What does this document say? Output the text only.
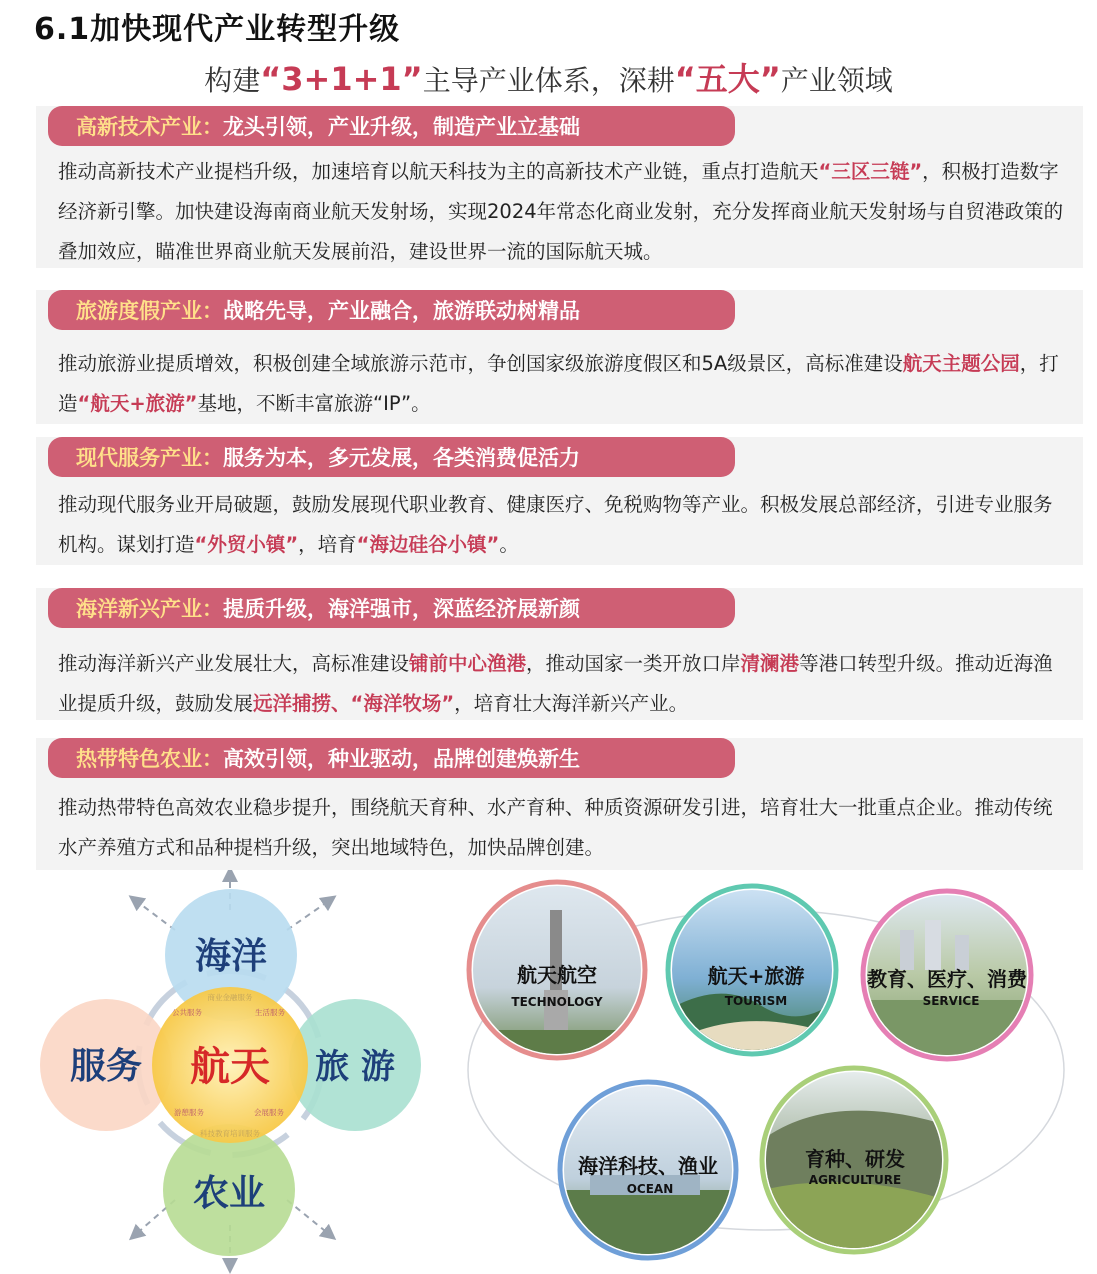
6.1加快现代产业转型升级
构建“3+1+1”主导产业体系，深耕“五大”产业领域
高新技术产业： 龙头引领，产业升级，制造产业立基础
推动高新技术产业提档升级，加速培育以航天科技为主的高新技术产业链，重点打造航天“三区三链”，积极打造数字经济新引擎。加快建设海南商业航天发射场，实现2024年常态化商业发射，充分发挥商业航天发射场与自贸港政策的叠加效应，瞄准世界商业航天发展前沿，建设世界一流的国际航天城。
旅游度假产业： 战略先导，产业融合，旅游联动树精品
推动旅游业提质增效，积极创建全域旅游示范市，争创国家级旅游度假区和5A级景区，高标准建设航天主题公园，打造“航天+旅游”基地，不断丰富旅游“IP”。
现代服务产业： 服务为本，多元发展，各类消费促活力
推动现代服务业开局破题，鼓励发展现代职业教育、健康医疗、免税购物等产业。积极发展总部经济，引进专业服务机构。谋划打造“外贸小镇”，培育“海边硅谷小镇”。
海洋新兴产业： 提质升级，海洋强市，深蓝经济展新颜
推动海洋新兴产业发展壮大，高标准建设铺前中心渔港，推动国家一类开放口岸清澜港等港口转型升级。推动近海渔业提质升级，鼓励发展远洋捕捞、“海洋牧场”，培育壮大海洋新兴产业。
热带特色农业： 高效引领，种业驱动，品牌创建焕新生
推动热带特色高效农业稳步提升，围绕航天育种、水产育种、种质资源研发引进，培育壮大一批重点企业。推动传统水产养殖方式和品种提档升级，突出地域特色，加快品牌创建。
海洋
服务	旅 游
农业
航天
商业金融服务
公共服务	生活服务
游憩服务	会展服务
科技教育培训服务
航天航空
TECHNOLOGY
航天+旅游
TOURISM
教育、医疗、消费
SERVICE
海洋科技、渔业
OCEAN
育种、研发
AGRICULTURE
